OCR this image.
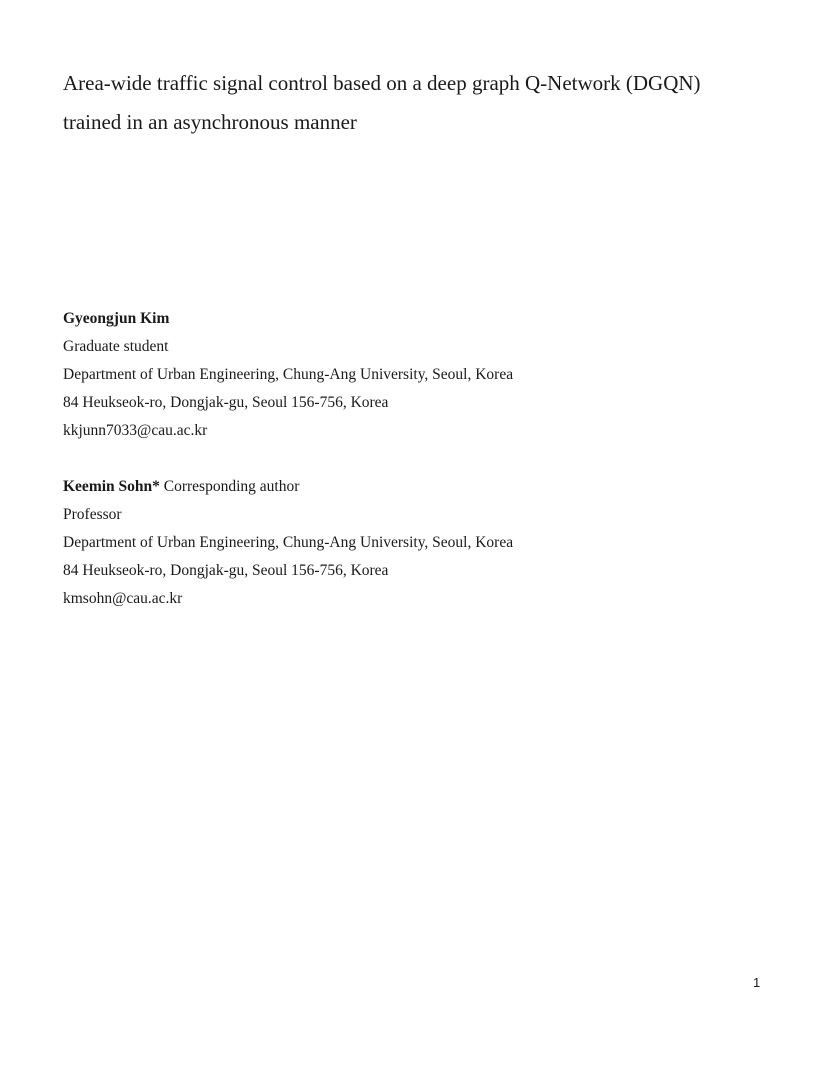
Area-wide traffic signal control based on a deep graph Q-Network (DGQN)
trained in an asynchronous manner
Gyeongjun Kim
Graduate student
Department of Urban Engineering, Chung-Ang University, Seoul, Korea
84 Heukseok-ro, Dongjak-gu, Seoul 156-756, Korea
kkjunn7033@cau.ac.kr
Keemin Sohn* Corresponding author
Professor
Department of Urban Engineering, Chung-Ang University, Seoul, Korea
84 Heukseok-ro, Dongjak-gu, Seoul 156-756, Korea
kmsohn@cau.ac.kr
1
